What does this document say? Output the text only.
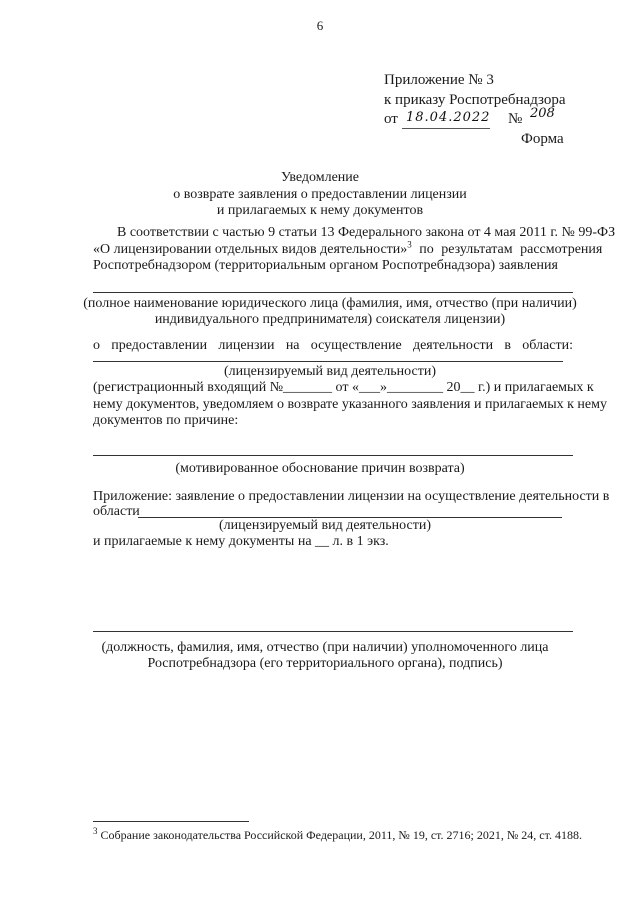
6
Приложение № 3
к приказу Роспотребнадзора
от 18.04.2022 № 208
Форма
Уведомление
о возврате заявления о предоставлении лицензии
и прилагаемых к нему документов
В соответствии с частью 9 статьи 13 Федерального закона от 4 мая 2011 г. № 99-ФЗ
«О лицензировании отдельных видов деятельности»$^3$ по результатам рассмотрения
Роспотребнадзором (территориальным органом Роспотребнадзора) заявления
(полное наименование юридического лица (фамилия, имя, отчество (при наличии)
индивидуального предпринимателя) соискателя лицензии)
о предоставлении лицензии на осуществление деятельности в области:
(лицензируемый вид деятельности)
(регистрационный входящий №_______ от «___»________ 20__ г.) и прилагаемых к
нему документов, уведомляем о возврате указанного заявления и прилагаемых к нему
документов по причине:
(мотивированное обоснование причин возврата)
Приложение: заявление о предоставлении лицензии на осуществление деятельности в
области
(лицензируемый вид деятельности)
и прилагаемые к нему документы на __ л. в 1 экз.
(должность, фамилия, имя, отчество (при наличии) уполномоченного лица
Роспотребнадзора (его территориального органа), подпись)
$^3$ Собрание законодательства Российской Федерации, 2011, № 19, ст. 2716; 2021, № 24, ст. 4188.
